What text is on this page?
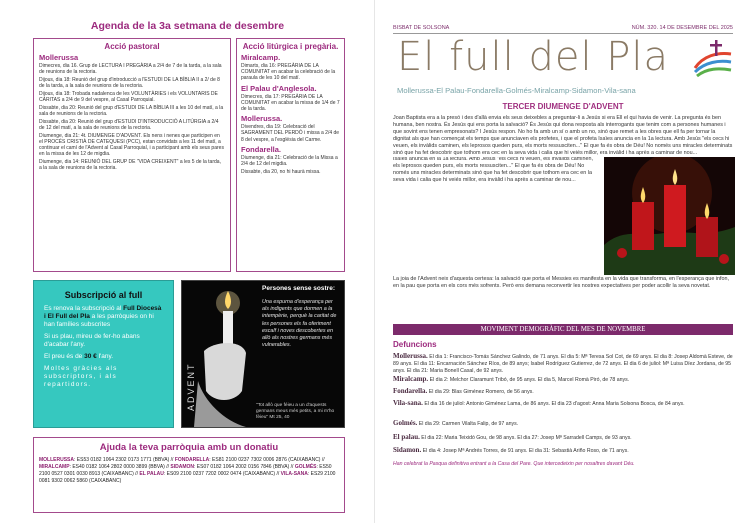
Agenda de la 3a setmana de desembre
Acció pastoral
Mollerussa
Dimecres, dia 16. Grup de LECTURA I PREGÀRIA a 2/4 de 7 de la tarda, a la sala de reunions de la rectoria.
Dijous, dia 18: Reunió del grup d'introducció a l'ESTUDI DE LA BÍBLIA II a 2/ de 8 de la tarda, a la sala de reunions de la rectoria.
Dijous, dia 18: Trobada nadalenca de les VOLUNTÀRIES i els VOLUNTARIS DE CÀRITAS a 2/4 de 9 del vespre, al Casal Parroquial.
Dissabte, dia 20: Reunió del grup d'ESTUDI DE LA BÍBLIA III a les 10 del matí, a la sala de reunions de la rectoria.
Dissabte, dia 20: Reunió del grup d'ESTUDI D'INTRODUCCIÓ A LITÚRGIA a 2/4 de 12 del matí, a la sala de reunions de la rectoria.
Diumenge, dia 21: 4t. DIUMENGE D'ADVENT. Els nens i nenes que participen en el PROCÉS CRISTIÀ DE CATEQUESI (PCC), estan convidats a les 11 del matí, a continuar el camí de l'Advent al Casal Parroquial, i a participant amb els seus pares en la missa de les 12 de migdia.
Diumenge, dia 14: REUNIÓ DEL GRUP DE "VIDA CREIXENT" a les 5 de la tarda, a la sala de reunions de la rectoria.
Acció litúrgica i pregària.
Miralcamp.
Dimarts, dia 16: PREGÀRIA DE LA COMUNITAT en acabar la celebració de la paraula de les 10 del matí.
El Palau d'Anglesola.
Dimecres, dia 17: PREGÀRIA DE LA COMUNITAT en acabar la missa de 1/4 de 7 de la tarda.
Mollerussa.
Divendres, dia 19: Celebració del SAGRAMENT DEL PERDÓ i missa a 2/4 de 8 del vespre, a l'església del Carme.
Fondarella.
Diumenge, dia 21: Celebració de la Missa a 2/4 de 12 del migdia.
Dissabte, dia 20, no hi haurà missa.
Subscripció al full

Es renova la subscripció al Full Diocesà i El Full del Pla a les parròquies on hi han famílies subscrites

Si us plau, mireu de fer-ho abans d'acabar l'any.

El preu és de 30 € l'any.

Moltes gràcies als subscriptors, i als repartidors.	ADVENT
Persones sense sostre:
Una espurna d'esperança per als indigents que dormen a la intempèrie, perquè la caritat de les persones els fa oferiment escalf i noves descobertes en allò als nostres germans més vulnerables.
"Tot allò que féieu a un d'aquests germans meus més petits, a mi m'ho fèieu" Mt 25, 40
Ajuda la teva parròquia amb un donatiu
MOLLERUSSA: ES53 0182 1064 2302 0173 1771 (BBVA) // FONDARELLA: ES81 2100 0237 7302 0006 2876 (CAIXABANC) // MIRALCAMP: ES40 0182 1064 2802 0000 3899 (BBVA) // SIDAMON: ES07 0182 1064 2002 0156 7846 (BBVA) // GOLMÉS: ES50 2100 0527 0301 0030 8913 (CAIXABANC) // EL PALAU: ES09 2100 0237 7202 0002 0474 (CAIXABANC) // VILA-SANA: ES29 2100 0081 9302 0062 5860 (CAIXABANC)
BISBAT DE SOLSONA	NÚM. 320. 14 DE DESEMBRE DEL 2025
El full del Pla
Mollerussa-El Palau-Fondarella-Golmés-Miralcamp-Sidamon-Vila-sana
TERCER DIUMENGE D'ADVENT
Joan Baptista era a la presó i des d'allà envia els seus deixebles a preguntar-li a Jesús si era Ell el qui havia de venir. La pregunta és ben humana, ben nostra. És Jesús qui ens porta la salvació? És Jesús qui dona resposta als interrogants que tenim com a persones humanes i que sovint ens tenen empresonats? I Jesús respon. No ho fa amb un sí o amb un no, sinó que remet a les obres que ell fa per tornar la dignitat als que han començat els temps que anunciaven els profetes, i que el profeta Isaïes anuncia en la 1a lectura. Amb Jesús "els cecs hi veuen, els invàlids caminen, els leprosos queden purs, els morts ressusciten..." El que fa és obra de Déu! No només uns miracles determinats sinó que ha fet descobrir que tothom era cec en la seva vida i calia que hi veiés millor, era invàlid i ha après a caminar de nou...
Isaïes anuncia en la 1a lectura. Amb Jesús "els cecs hi veuen, els invàlids caminen, els leprosos queden purs, els morts ressusciten..." El que fa és obra de Déu! No només uns miracles determinats sinó que ha fet descobrir que tothom era cec en la seva vida i calia que hi veiés millor, era invàlid i ha après a caminar de nou...
La joia de l'Advent neix d'aquesta certesa: la salvació que porta el Messies es manifesta en la vida que transforma, en l'esperança que infon, en la pau que porta en els cors més sofrents. Però ens demana reconvertir les nostres expectatives per poder acollir la seva novetat.
MOVIMENT DEMOGRÀFIC DEL MES DE NOVEMBRE
Defuncions
Mollerussa. El dia 1: Francisco-Tomás Sánchez Galindo, de 71 anys. El dia 5: Mª Teresa Sol Cot, de 69 anys. El dia 8: Josep Aldomà Esteve, de 89 anys. El dia 11: Encarnación Sánchez Ríos, de 89 anys; Isabel Rodríguez Gutierrez, de 72 anys. El dia 6 de juliol: Mª Luisa Díez Jordana, de 95 anys. El dia 21: Maria Bonell Casal, de 92 anys.
Miralcamp. El dia 2: Melchor Claramunt Tribó, de 95 anys. El dia 5, Marcel Romà Piró, de 78 anys.
Fondarella. El dia 29: Blas Giménez Romero, de 56 anys.
Vila-sana. El dia 16 de juliol: Antonio Giménez Lama, de 86 anys. El dia 23 d'agost: Anna Maria Solsona Bosca, de 84 anys.
Golmés. El dia 29: Carmen Vilalta Falip, de 97 anys.
El palau. El dia 22: Maria Teixidó Gou, de 98 anys. El dia 27: Josep Mª Sarradell Camps, de 93 anys.
Sidamon. El dia 4: Josep Mª Andrés Torres, de 91 anys. El dia 31: Sebastià Ariño Roso, de 71 anys.
Han celebrat la Pasqua definitiva entrant a la Casa del Pare. Que intercedeixin per nosaltres davant Déu.
